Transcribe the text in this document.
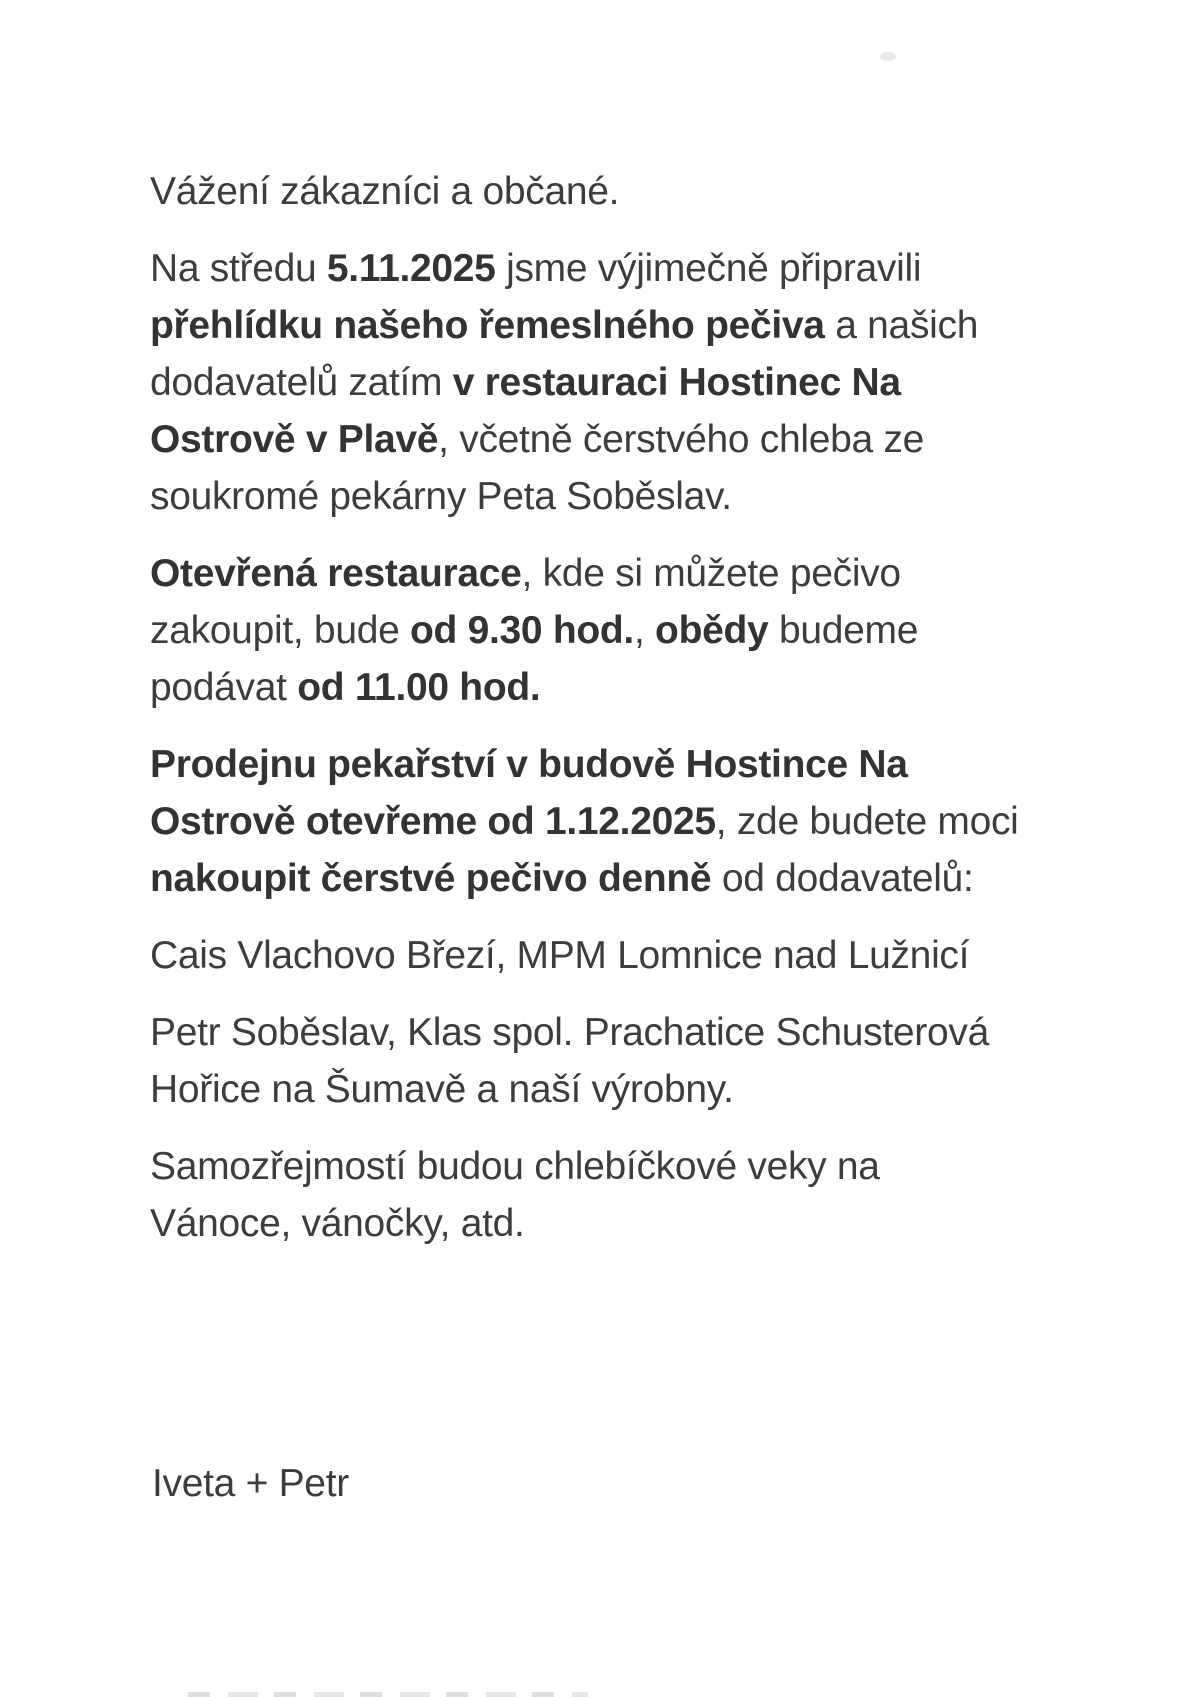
Vážení zákazníci a občané.

Na středu 5.11.2025 jsme výjimečně připravili
přehlídku našeho řemeslného pečiva a našich
dodavatelů zatím v restauraci Hostinec Na
Ostrově v Plavě, včetně čerstvého chleba ze
soukromé pekárny Peta Soběslav.

Otevřená restaurace, kde si můžete pečivo
zakoupit, bude od 9.30 hod., obědy budeme
podávat od 11.00 hod.

Prodejnu pekařství v budově Hostince Na
Ostrově otevřeme od 1.12.2025, zde budete moci
nakoupit čerstvé pečivo denně od dodavatelů:

Cais Vlachovo Březí, MPM Lomnice nad Lužnicí

Petr Soběslav, Klas spol. Prachatice Schusterová
Hořice na Šumavě a naší výrobny.

Samozřejmostí budou chlebíčkové veky na
Vánoce, vánočky, atd.

Iveta + Petr
